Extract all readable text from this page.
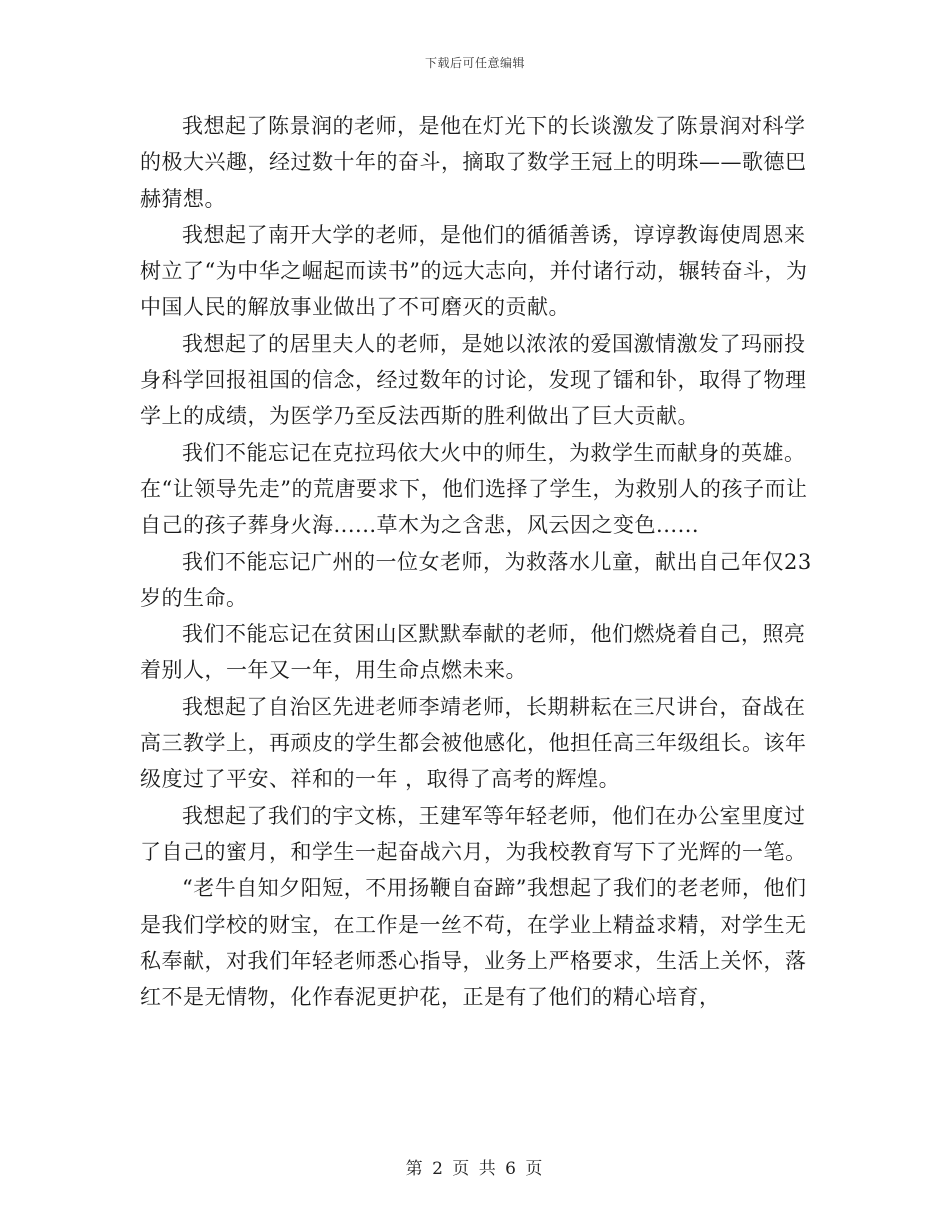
下载后可任意编辑

我想起了陈景润的老师，是他在灯光下的长谈激发了陈景润对科学的极大兴趣，经过数十年的奋斗，摘取了数学王冠上的明珠——歌德巴赫猜想。

我想起了南开大学的老师，是他们的循循善诱，谆谆教诲使周恩来树立了“为中华之崛起而读书”的远大志向，并付诸行动，辗转奋斗，为中国人民的解放事业做出了不可磨灭的贡献。

我想起了的居里夫人的老师，是她以浓浓的爱国激情激发了玛丽投身科学回报祖国的信念，经过数年的讨论，发现了镭和钋，取得了物理学上的成绩，为医学乃至反法西斯的胜利做出了巨大贡献。

我们不能忘记在克拉玛依大火中的师生，为救学生而献身的英雄。在“让领导先走”的荒唐要求下，他们选择了学生，为救别人的孩子而让自己的孩子葬身火海......草木为之含悲，风云因之变色......

我们不能忘记广州的一位女老师，为救落水儿童，献出自己年仅23岁的生命。

我们不能忘记在贫困山区默默奉献的老师，他们燃烧着自己，照亮着别人，一年又一年，用生命点燃未来。

我想起了自治区先进老师李靖老师，长期耕耘在三尺讲台，奋战在高三教学上，再顽皮的学生都会被他感化，他担任高三年级组长。该年级度过了平安、祥和的一年 ，取得了高考的辉煌。

我想起了我们的宇文栋，王建军等年轻老师，他们在办公室里度过了自己的蜜月，和学生一起奋战六月，为我校教育写下了光辉的一笔。

“老牛自知夕阳短，不用扬鞭自奋蹄”我想起了我们的老老师，他们是我们学校的财宝，在工作是一丝不苟，在学业上精益求精，对学生无私奉献，对我们年轻老师悉心指导，业务上严格要求，生活上关怀，落红不是无情物，化作春泥更护花，正是有了他们的精心培育，

第 2 页 共 6 页
